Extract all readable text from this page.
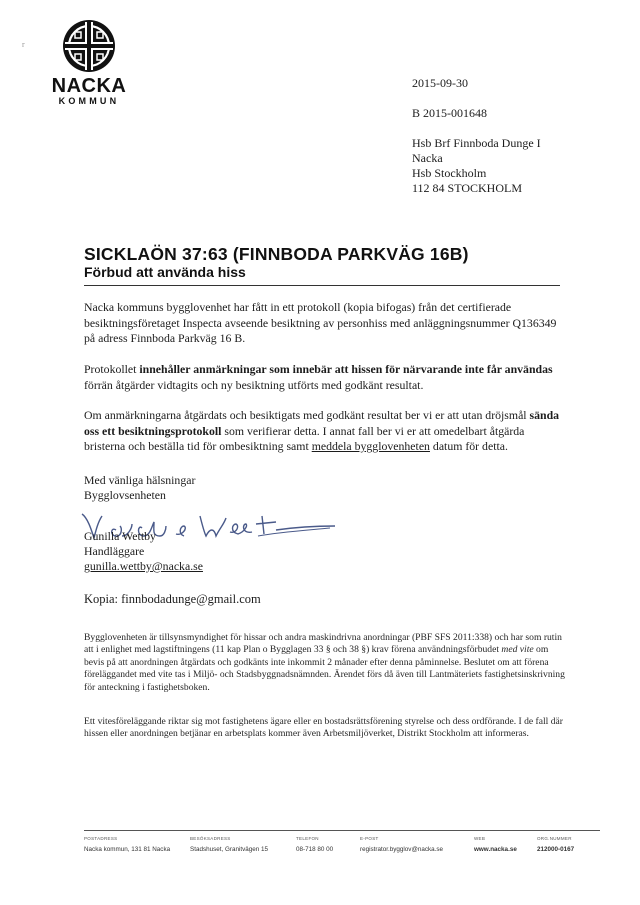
NACKA
KOMMUN
r
2015-09-30
B 2015-001648
Hsb Brf Finnboda Dunge I
Nacka
Hsb Stockholm
112 84 STOCKHOLM
SICKLAÖN 37:63 (FINNBODA PARKVÄG 16B)
Förbud att använda hiss
Nacka kommuns bygglovenhet har fått in ett protokoll (kopia bifogas) från det certifierade besiktningsföretaget Inspecta avseende besiktning av personhiss med anläggningsnummer Q136349 på adress Finnboda Parkväg 16 B.
Protokollet innehåller anmärkningar som innebär att hissen för närvarande inte får användas förrän åtgärder vidtagits och ny besiktning utförts med godkänt resultat.
Om anmärkningarna åtgärdats och besiktigats med godkänt resultat ber vi er att utan dröjsmål sända oss ett besiktningsprotokoll som verifierar detta. I annat fall ber vi er att omedelbart åtgärda bristerna och beställa tid för ombesiktning samt meddela bygglovenheten datum för detta.
Med vänliga hälsningar
Bygglovsenheten
Gunilla Wettby
Handläggare
gunilla.wettby@nacka.se
Kopia: finnbodadunge@gmail.com
Bygglovenheten är tillsynsmyndighet för hissar och andra maskindrivna anordningar (PBF SFS 2011:338) och har som rutin att i enlighet med lagstiftningens (11 kap Plan o Bygglagen 33 § och 38 §) krav förena användningsförbudet med vite om bevis på att anordningen åtgärdats och godkänts inte inkommit 2 månader efter denna påminnelse. Beslutet om att förena föreläggandet med vite tas i Miljö- och Stadsbyggnadsnämnden. Ärendet förs då även till Lantmäteriets fastighetsinskrivning för anteckning i fastighetsboken.
Ett vitesföreläggande riktar sig mot fastighetens ägare eller en bostadsrättsförening styrelse och dess ordförande. I de fall där hissen eller anordningen betjänar en arbetsplats kommer även Arbetsmiljöverket, Distrikt Stockholm att informeras.
POSTADRESS
Nacka kommun, 131 81 Nacka
BESÖKSADRESS
Stadshuset, Granitvägen 15
TELEFON
08-718 80 00
E-POST
registrator.bygglov@nacka.se
WEB
www.nacka.se
ORG.NUMMER
212000-0167
